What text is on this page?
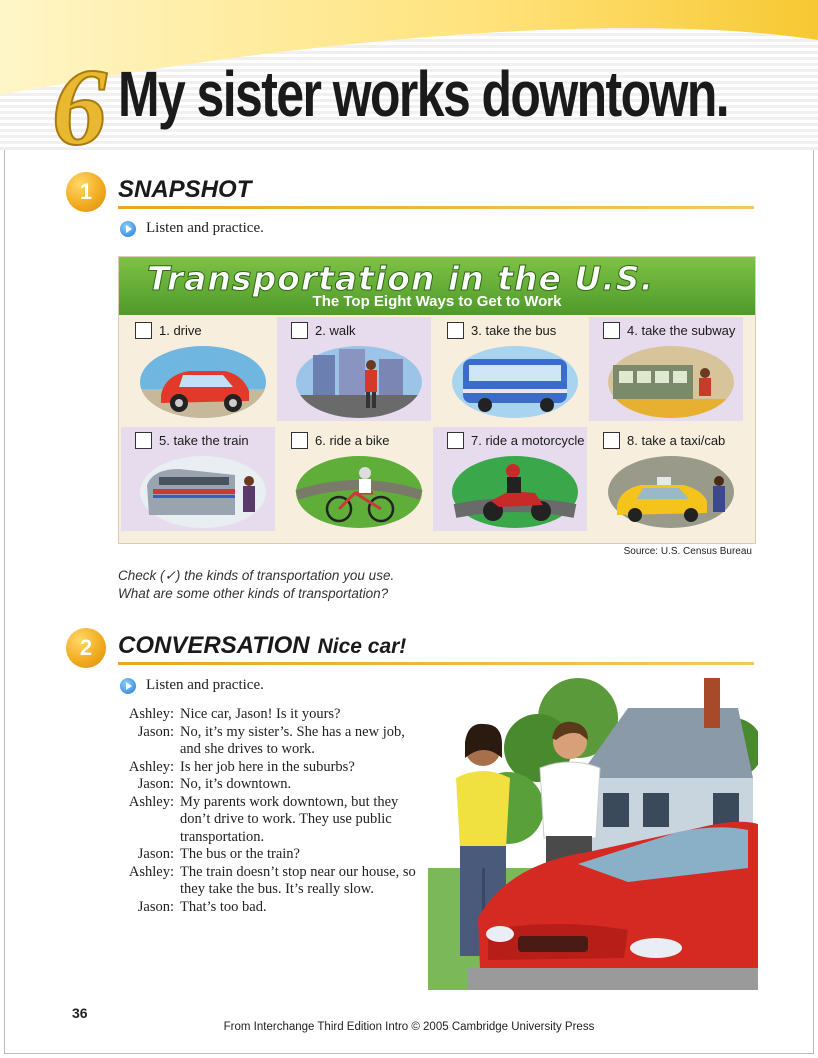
6 My sister works downtown.
1	SNAPSHOT
Listen and practice.
Transportation in the U.S.
The Top Eight Ways to Get to Work
1. drive	2. walk	3. take the bus	4. take the subway
5. take the train	6. ride a bike	7. ride a motorcycle	8. take a taxi/cab
Source: U.S. Census Bureau
Check (✓) the kinds of transportation you use.
What are some other kinds of transportation?
2	CONVERSATION Nice car!
Listen and practice.
Ashley: Nice car, Jason! Is it yours?
Jason: No, it’s my sister’s. She has a new job, and she drives to work.
Ashley: Is her job here in the suburbs?
Jason: No, it’s downtown.
Ashley: My parents work downtown, but they don’t drive to work. They use public transportation.
Jason: The bus or the train?
Ashley: The train doesn’t stop near our house, so they take the bus. It’s really slow.
Jason: That’s too bad.
36
From Interchange Third Edition Intro © 2005 Cambridge University Press
